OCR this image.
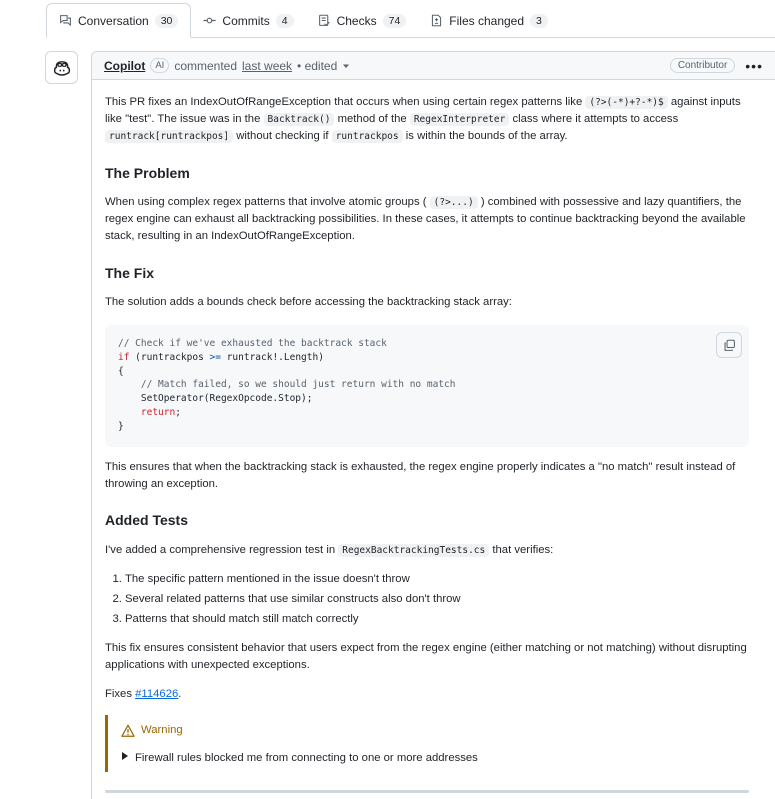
Conversation	30	Commits	4	Checks	74	Files changed	3
Copilot	AI commented last week • edited	Contributor	•••

This PR fixes an IndexOutOfRangeException that occurs when using certain regex patterns like (?>(-*)+?-*)$ against inputs like "test". The issue was in the Backtrack() method of the RegexInterpreter class where it attempts to access runtrack[runtrackpos] without checking if runtrackpos is within the bounds of the array.

The Problem

When using complex regex patterns that involve atomic groups ( (?>...) ) combined with possessive and lazy quantifiers, the regex engine can exhaust all backtracking possibilities. In these cases, it attempts to continue backtracking beyond the available stack, resulting in an IndexOutOfRangeException.

The Fix

The solution adds a bounds check before accessing the backtracking stack array:

// Check if we've exhausted the backtrack stack
if (runtrackpos >= runtrack!.Length)
{
// Match failed, so we should just return with no match
SetOperator(RegexOpcode.Stop);
return;
}

This ensures that when the backtracking stack is exhausted, the regex engine properly indicates a "no match" result instead of throwing an exception.

Added Tests

I've added a comprehensive regression test in RegexBacktrackingTests.cs that verifies:

1. The specific pattern mentioned in the issue doesn't throw
2. Several related patterns that use similar constructs also don't throw
3. Patterns that should match still match correctly

This fix ensures consistent behavior that users expect from the regex engine (either matching or not matching) without disrupting applications with unexpected exceptions.

Fixes #114626.

Warning
Firewall rules blocked me from connecting to one or more addresses
